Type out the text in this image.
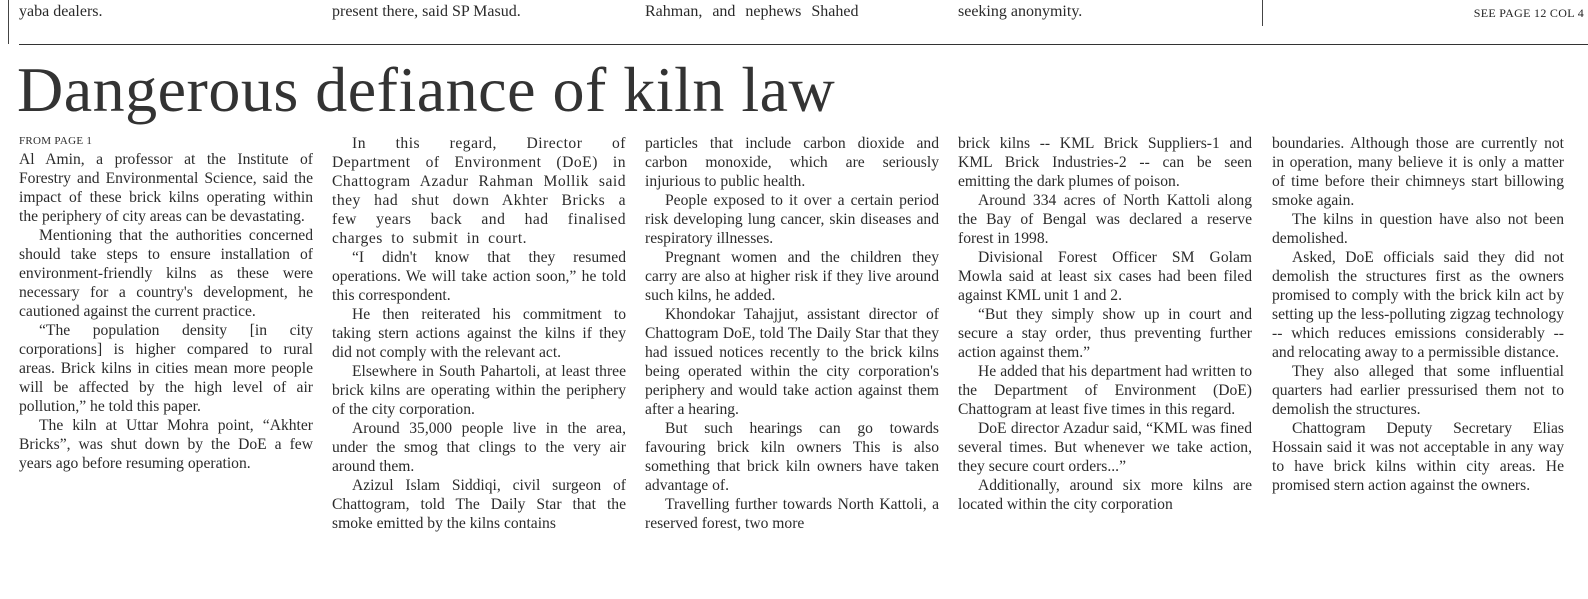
yaba dealers.	present there, said SP Masud.	Rahman, and nephews Shahed	seeking anonymity.	SEE PAGE 12 COL 4
Dangerous defiance of kiln law
FROM PAGE 1

Al Amin, a professor at the Institute of Forestry and Environmental Science, said the impact of these brick kilns operating within the periphery of city areas can be devastating.

Mentioning that the authorities concerned should take steps to ensure installation of environment-friendly kilns as these were necessary for a country's development, he cautioned against the current practice.

“The population density [in city corporations] is higher compared to rural areas. Brick kilns in cities mean more people will be affected by the high level of air pollution,” he told this paper.

The kiln at Uttar Mohra point, “Akhter Bricks”, was shut down by the DoE a few years ago before resuming operation.

In this regard, Director of Department of Environment (DoE) in Chattogram Azadur Rahman Mollik said they had shut down Akhter Bricks a few years back and had finalised charges to submit in court.

“I didn't know that they resumed operations. We will take action soon,” he told this correspondent.

He then reiterated his commitment to taking stern actions against the kilns if they did not comply with the relevant act.

Elsewhere in South Pahartoli, at least three brick kilns are operating within the periphery of the city corporation.

Around 35,000 people live in the area, under the smog that clings to the very air around them.

Azizul Islam Siddiqi, civil surgeon of Chattogram, told The Daily Star that the smoke emitted by the kilns contains

particles that include carbon dioxide and carbon monoxide, which are seriously injurious to public health.

People exposed to it over a certain period risk developing lung cancer, skin diseases and respiratory illnesses.

Pregnant women and the children they carry are also at higher risk if they live around such kilns, he added.

Khondokar Tahajjut, assistant director of Chattogram DoE, told The Daily Star that they had issued notices recently to the brick kilns being operated within the city corporation's periphery and would take action against them after a hearing.

But such hearings can go towards favouring brick kiln owners This is also something that brick kiln owners have taken advantage of.

Travelling further towards North Kattoli, a reserved forest, two more

brick kilns -- KML Brick Suppliers-1 and KML Brick Industries-2 -- can be seen emitting the dark plumes of poison.

Around 334 acres of North Kattoli along the Bay of Bengal was declared a reserve forest in 1998.

Divisional Forest Officer SM Golam Mowla said at least six cases had been filed against KML unit 1 and 2.

“But they simply show up in court and secure a stay order, thus preventing further action against them.”

He added that his department had written to the Department of Environment (DoE) Chattogram at least five times in this regard.

DoE director Azadur said, “KML was fined several times. But whenever we take action, they secure court orders...”

Additionally, around six more kilns are located within the city corporation

boundaries. Although those are currently not in operation, many believe it is only a matter of time before their chimneys start billowing smoke again.

The kilns in question have also not been demolished.

Asked, DoE officials said they did not demolish the structures first as the owners promised to comply with the brick kiln act by setting up the less-polluting zigzag technology -- which reduces emissions considerably -- and relocating away to a permissible distance.

They also alleged that some influential quarters had earlier pressurised them not to demolish the structures.

Chattogram Deputy Secretary Elias Hossain said it was not acceptable in any way to have brick kilns within city areas. He promised stern action against the owners.
